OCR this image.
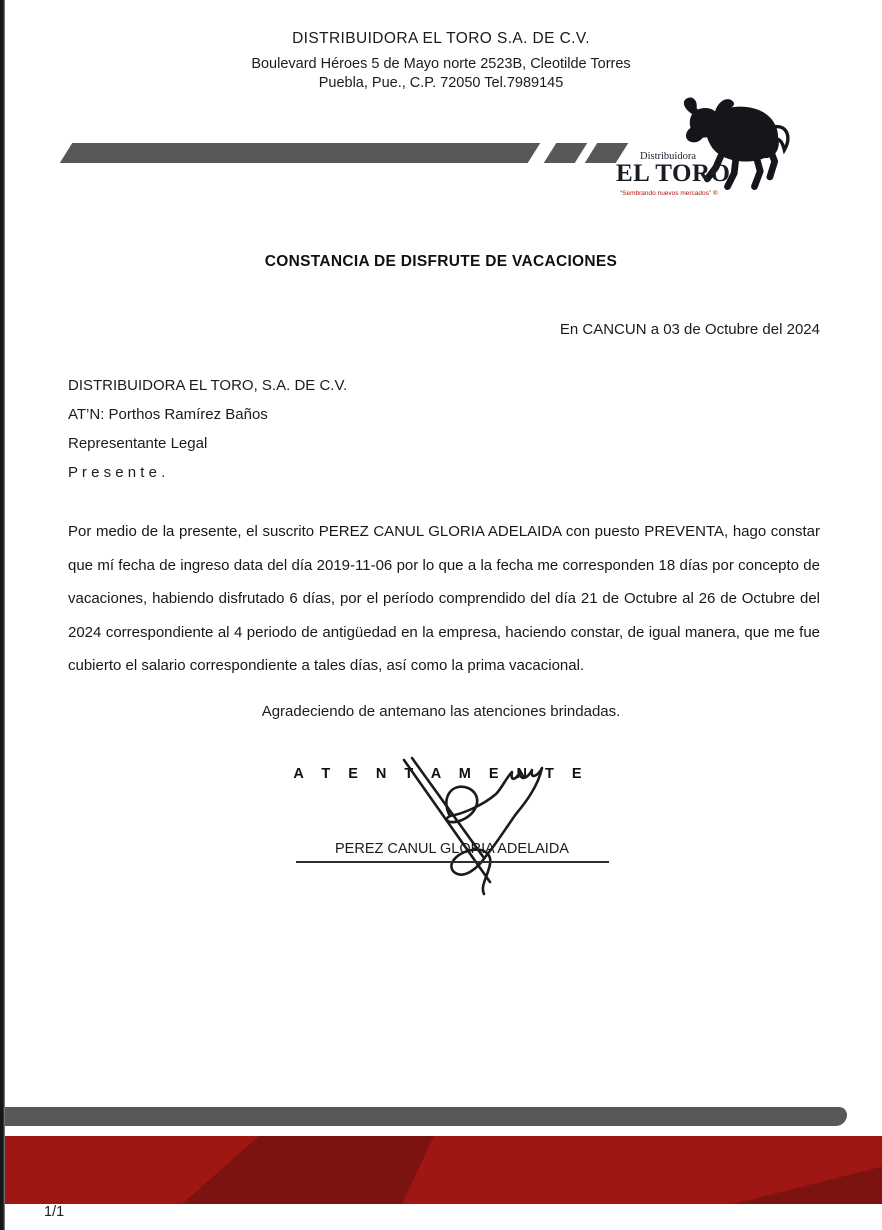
DISTRIBUIDORA EL TORO S.A. DE C.V.
Boulevard Héroes 5 de Mayo norte 2523B, Cleotilde Torres
Puebla, Pue., C.P. 72050 Tel.7989145
Distribuidora
EL TORO
“Sembrando nuevos mercados” ®
CONSTANCIA DE DISFRUTE DE VACACIONES
En CANCUN a 03 de Octubre del 2024
DISTRIBUIDORA EL TORO, S.A. DE C.V.
AT’N: Porthos Ramírez Baños
Representante Legal
P r e s e n t e .
Por medio de la presente, el suscrito PEREZ CANUL GLORIA ADELAIDA con puesto PREVENTA, hago constar que mí fecha de ingreso data del día 2019-11-06 por lo que a la fecha me corresponden 18 días por concepto de vacaciones, habiendo disfrutado 6 días, por el período comprendido del día 21 de Octubre al 26 de Octubre del 2024 correspondiente al 4 periodo de antigüedad en la empresa, haciendo constar, de igual manera, que me fue cubierto el salario correspondiente a tales días, así como la prima vacacional.
Agradeciendo de antemano las atenciones brindadas.
A T E N T A M E N T E
PEREZ CANUL GLORIA ADELAIDA
1/1
